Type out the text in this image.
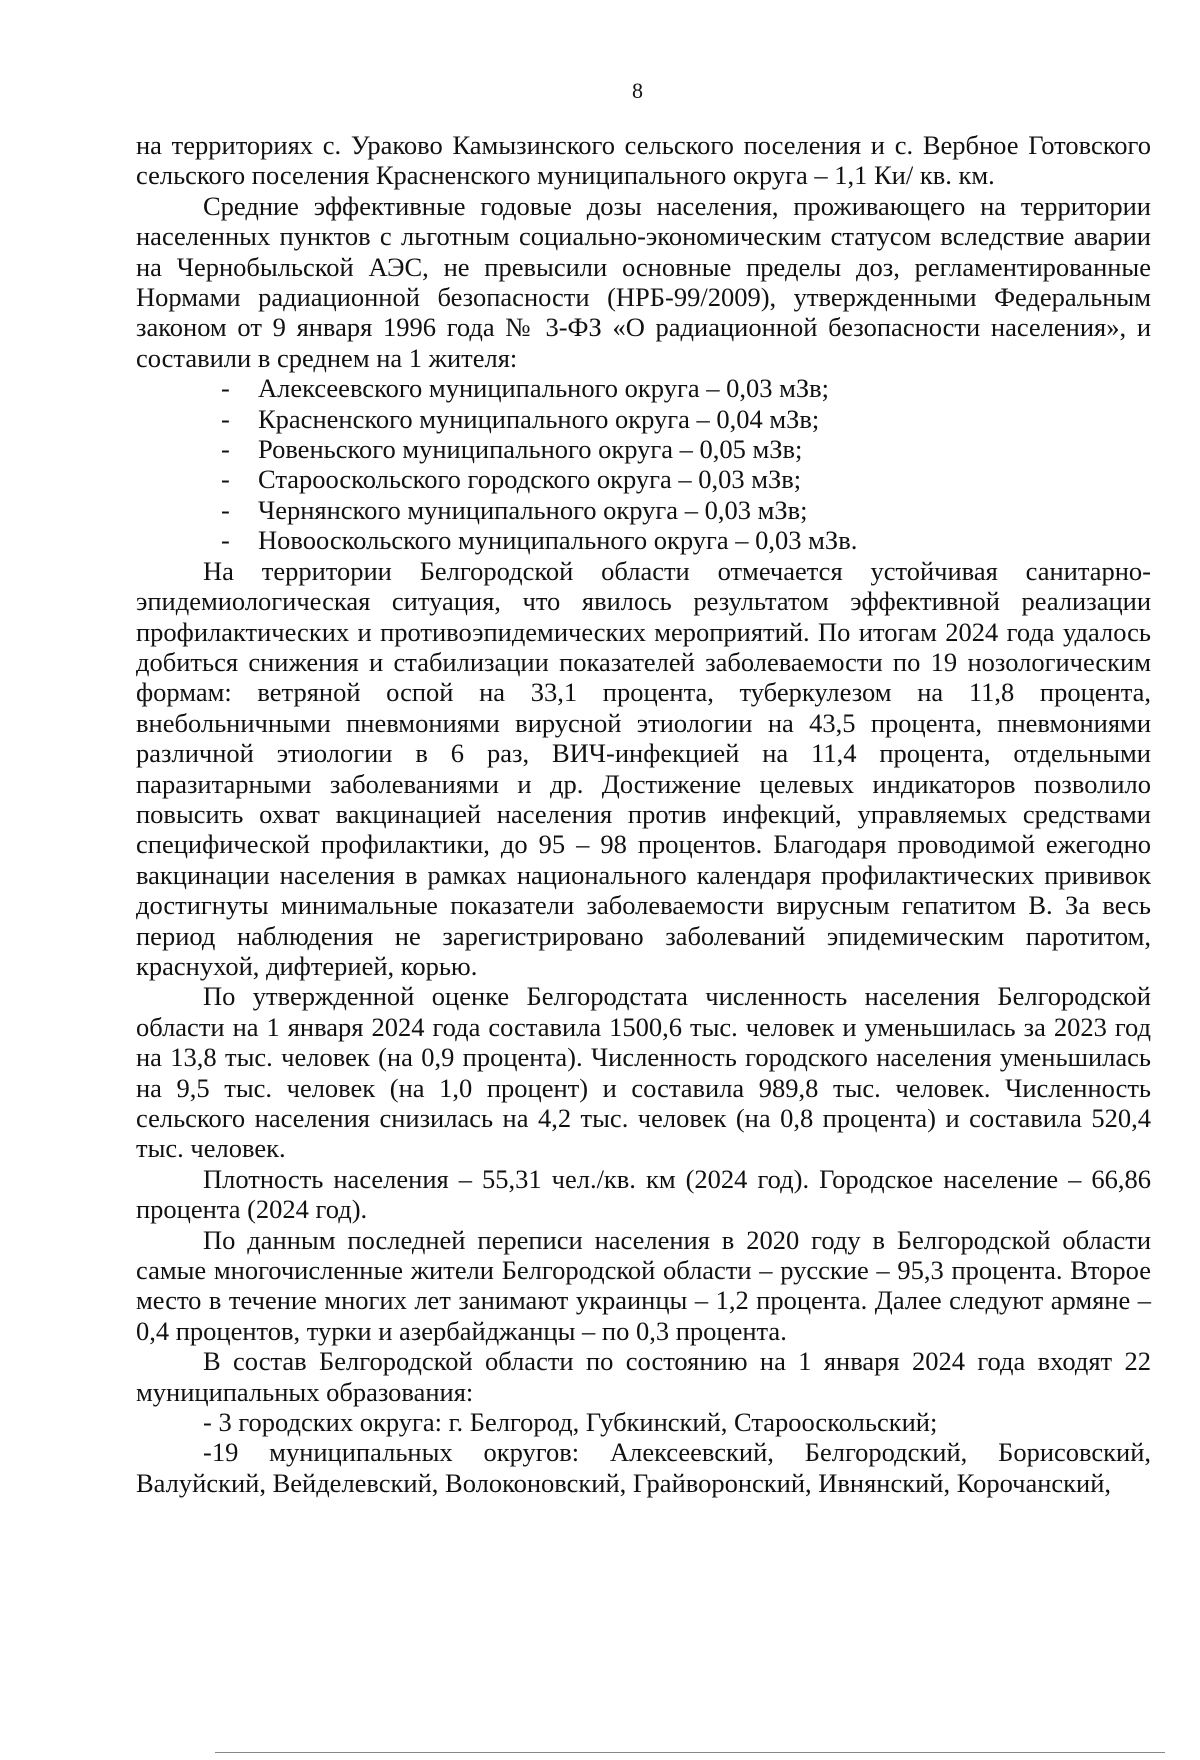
8

на территориях с. Ураково Камызинского сельского поселения и с. Вербное Готовского сельского поселения Красненского муниципального округа – 1,1 Ки/ кв. км.

Средние эффективные годовые дозы населения, проживающего на территории населенных пунктов с льготным социально-экономическим статусом вследствие аварии на Чернобыльской АЭС, не превысили основные пределы доз, регламентированные Нормами радиационной безопасности (НРБ-99/2009), утвержденными Федеральным законом от 9 января 1996 года № 3-ФЗ «О радиационной безопасности населения», и составили в среднем на 1 жителя:

-	Алексеевского муниципального округа – 0,03 мЗв;

-	Красненского муниципального округа – 0,04 мЗв;

-	Ровеньского муниципального округа – 0,05 мЗв;

-	Старооскольского городского округа – 0,03 мЗв;

-	Чернянского муниципального округа – 0,03 мЗв;

-	Новооскольского муниципального округа – 0,03 мЗв.

На территории Белгородской области отмечается устойчивая санитарно-эпидемиологическая ситуация, что явилось результатом эффективной реализации профилактических и противоэпидемических мероприятий. По итогам 2024 года удалось добиться снижения и стабилизации показателей заболеваемости по 19 нозологическим формам: ветряной оспой на 33,1 процента, туберкулезом на 11,8 процента, внебольничными пневмониями вирусной этиологии на 43,5 процента, пневмониями различной этиологии в 6 раз, ВИЧ-инфекцией на 11,4 процента, отдельными паразитарными заболеваниями и др. Достижение целевых индикаторов позволило повысить охват вакцинацией населения против инфекций, управляемых средствами специфической профилактики, до 95 – 98 процентов. Благодаря проводимой ежегодно вакцинации населения в рамках национального календаря профилактических прививок достигнуты минимальные показатели заболеваемости вирусным гепатитом В. За весь период наблюдения не зарегистрировано заболеваний эпидемическим паротитом, краснухой, дифтерией, корью.

По утвержденной оценке Белгородстата численность населения Белгородской области на 1 января 2024 года составила 1500,6 тыс. человек и уменьшилась за 2023 год на 13,8 тыс. человек (на 0,9 процента). Численность городского населения уменьшилась на 9,5 тыс. человек (на 1,0 процент) и составила 989,8 тыс. человек. Численность сельского населения снизилась на 4,2 тыс. человек (на 0,8 процента) и составила 520,4 тыс. человек.

Плотность населения – 55,31 чел./кв. км (2024 год). Городское население – 66,86 процента (2024 год).

По данным последней переписи населения в 2020 году в Белгородской области самые многочисленные жители Белгородской области – русские – 95,3 процента. Второе место в течение многих лет занимают украинцы – 1,2 процента. Далее следуют армяне – 0,4 процентов, турки и азербайджанцы – по 0,3 процента.

В состав Белгородской области по состоянию на 1 января 2024 года входят 22 муниципальных образования:

- 3 городских округа: г. Белгород, Губкинский, Старооскольский;

-19 муниципальных округов: Алексеевский, Белгородский, Борисовский, Валуйский, Вейделевский, Волоконовский, Грайворонский, Ивнянский, Корочанский,
